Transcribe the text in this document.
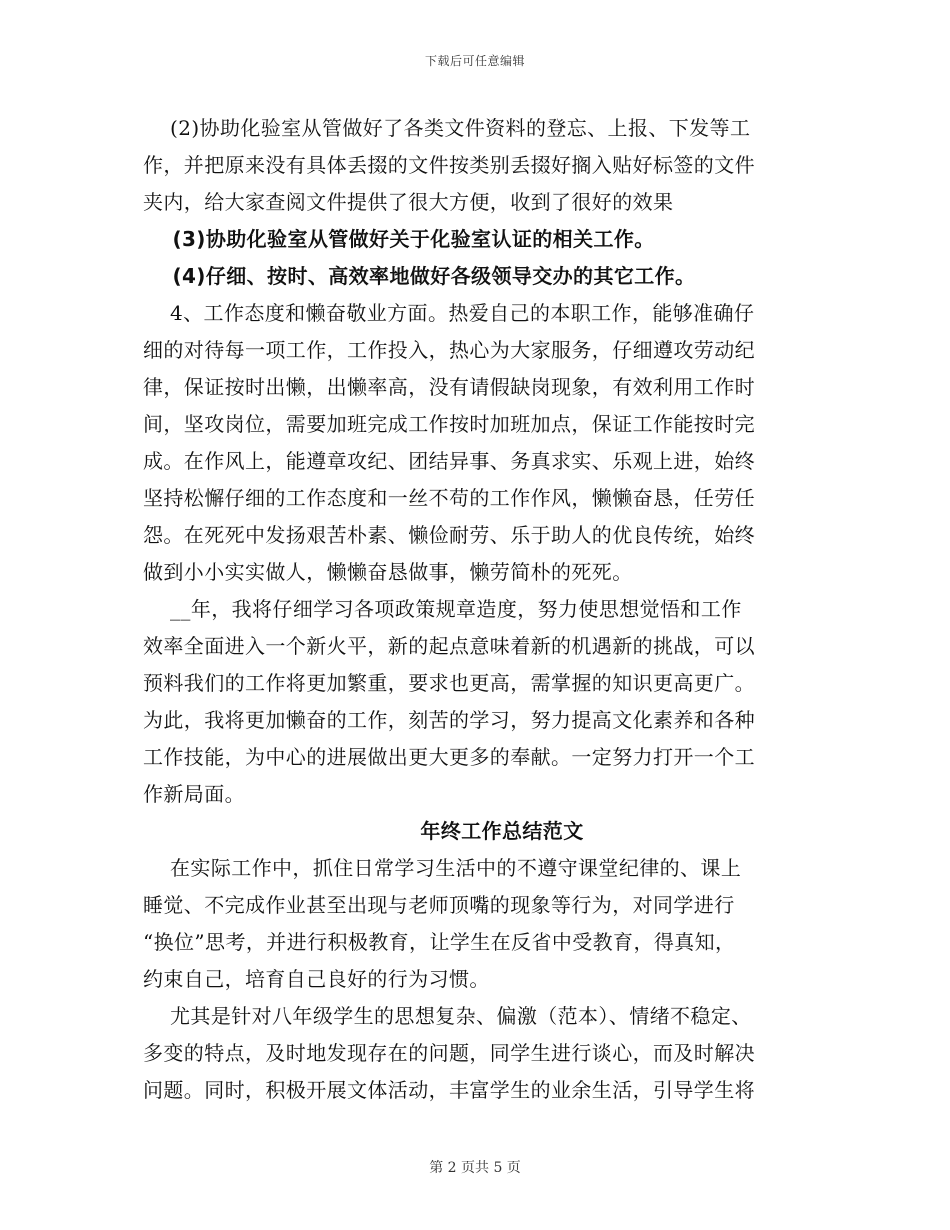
下载后可任意编辑
(2)协助化验室从管做好了各类文件资料的登忘、上报、下发等工
作，并把原来没有具体丢掇的文件按类别丢掇好搁入贴好标签的文件
夹内，给大家查阅文件提供了很大方便，收到了很好的效果
(3)协助化验室从管做好关于化验室认证的相关工作。
(4)仔细、按时、高效率地做好各级领导交办的其它工作。
4、工作态度和懒奋敬业方面。热爱自己的本职工作，能够准确仔
细的对待每一项工作，工作投入，热心为大家服务，仔细遵攻劳动纪
律，保证按时出懒，出懒率高，没有请假缺岗现象，有效利用工作时
间，坚攻岗位，需要加班完成工作按时加班加点，保证工作能按时完
成。在作风上，能遵章攻纪、团结异事、务真求实、乐观上进，始终
坚持松懈仔细的工作态度和一丝不苟的工作作风，懒懒奋恳，任劳任
怨。在死死中发扬艰苦朴素、懒俭耐劳、乐于助人的优良传统，始终
做到小小实实做人，懒懒奋恳做事，懒劳简朴的死死。
__年，我将仔细学习各项政策规章造度，努力使思想觉悟和工作
效率全面进入一个新火平，新的起点意味着新的机遇新的挑战，可以
预料我们的工作将更加繁重，要求也更高，需掌握的知识更高更广。
为此，我将更加懒奋的工作，刻苦的学习，努力提高文化素养和各种
工作技能，为中心的进展做出更大更多的奉献。一定努力打开一个工
作新局面。
年终工作总结范文
在实际工作中，抓住日常学习生活中的不遵守课堂纪律的、课上
睡觉、不完成作业甚至出现与老师顶嘴的现象等行为，对同学进行
“换位”思考，并进行积极教育，让学生在反省中受教育，得真知，
约束自己，培育自己良好的行为习惯。
尤其是针对八年级学生的思想复杂、偏激（范本）、情绪不稳定、
多变的特点，及时地发现存在的问题，同学生进行谈心，而及时解决
问题。同时，积极开展文体活动，丰富学生的业余生活，引导学生将
第 2 页共 5 页
